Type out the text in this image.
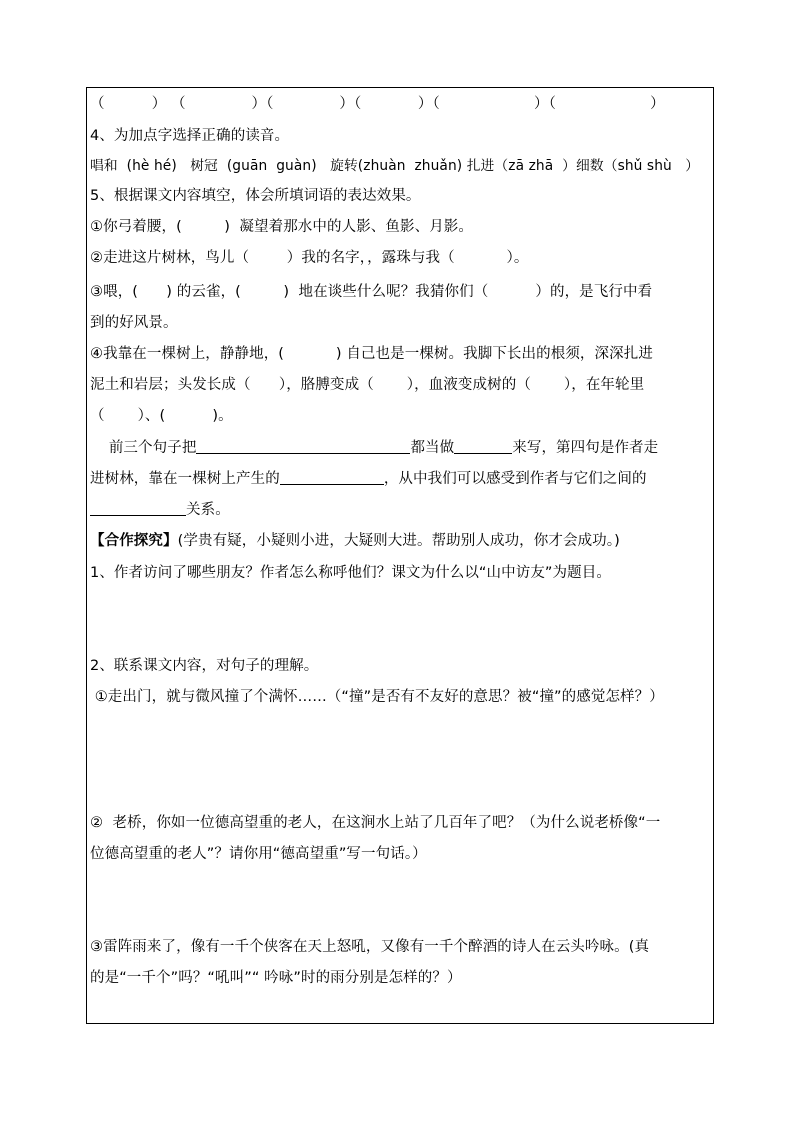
（          ） （              ）（              ）（            ）（                    ）（                    ）
4、为加点字选择正确的读音。
唱和  (hè hé)   树冠  (guān  guàn)   旋转(zhuàn  zhuǎn) 扎进（zā zhā  ）细数（shǔ shù   ）
5、根据课文内容填空，体会所填词语的表达效果。
①你弓着腰，(         )  凝望着那水中的人影、鱼影、月影。
②走进这片树林，鸟儿（        ）我的名字，，露珠与我（           ）。
③喂，(      ) 的云雀，(         )  地在谈些什么呢？我猜你们（          ）的，是飞行中看
到的好风景。
④我靠在一棵树上，静静地，(           ) 自己也是一棵树。我脚下长出的根须，深深扎进
泥土和岩层；头发长成（      ），胳膊变成（       ），血液变成树的（       ），在年轮里
（       ）、(          )。
前三个句子把	都当做	来写，第四句是作者走
进树林，靠在一棵树上产生的	，从中我们可以感受到作者与它们之间的
关系。
【合作探究】(学贵有疑，小疑则小进，大疑则大进。帮助别人成功，你才会成功。)
1、作者访问了哪些朋友？作者怎么称呼他们？课文为什么以“山中访友”为题目。
2、联系课文内容，对句子的理解。
①走出门，就与微风撞了个满怀……（“撞”是否有不友好的意思？被“撞”的感觉怎样？）
②  老桥，你如一位德高望重的老人，在这涧水上站了几百年了吧？（为什么说老桥像“一
位德高望重的老人”？请你用“德高望重”写一句话。）
③雷阵雨来了，像有一千个侠客在天上怒吼，又像有一千个醉酒的诗人在云头吟咏。(真
的是“一千个”吗？“吼叫”“ 吟咏”时的雨分别是怎样的？）
